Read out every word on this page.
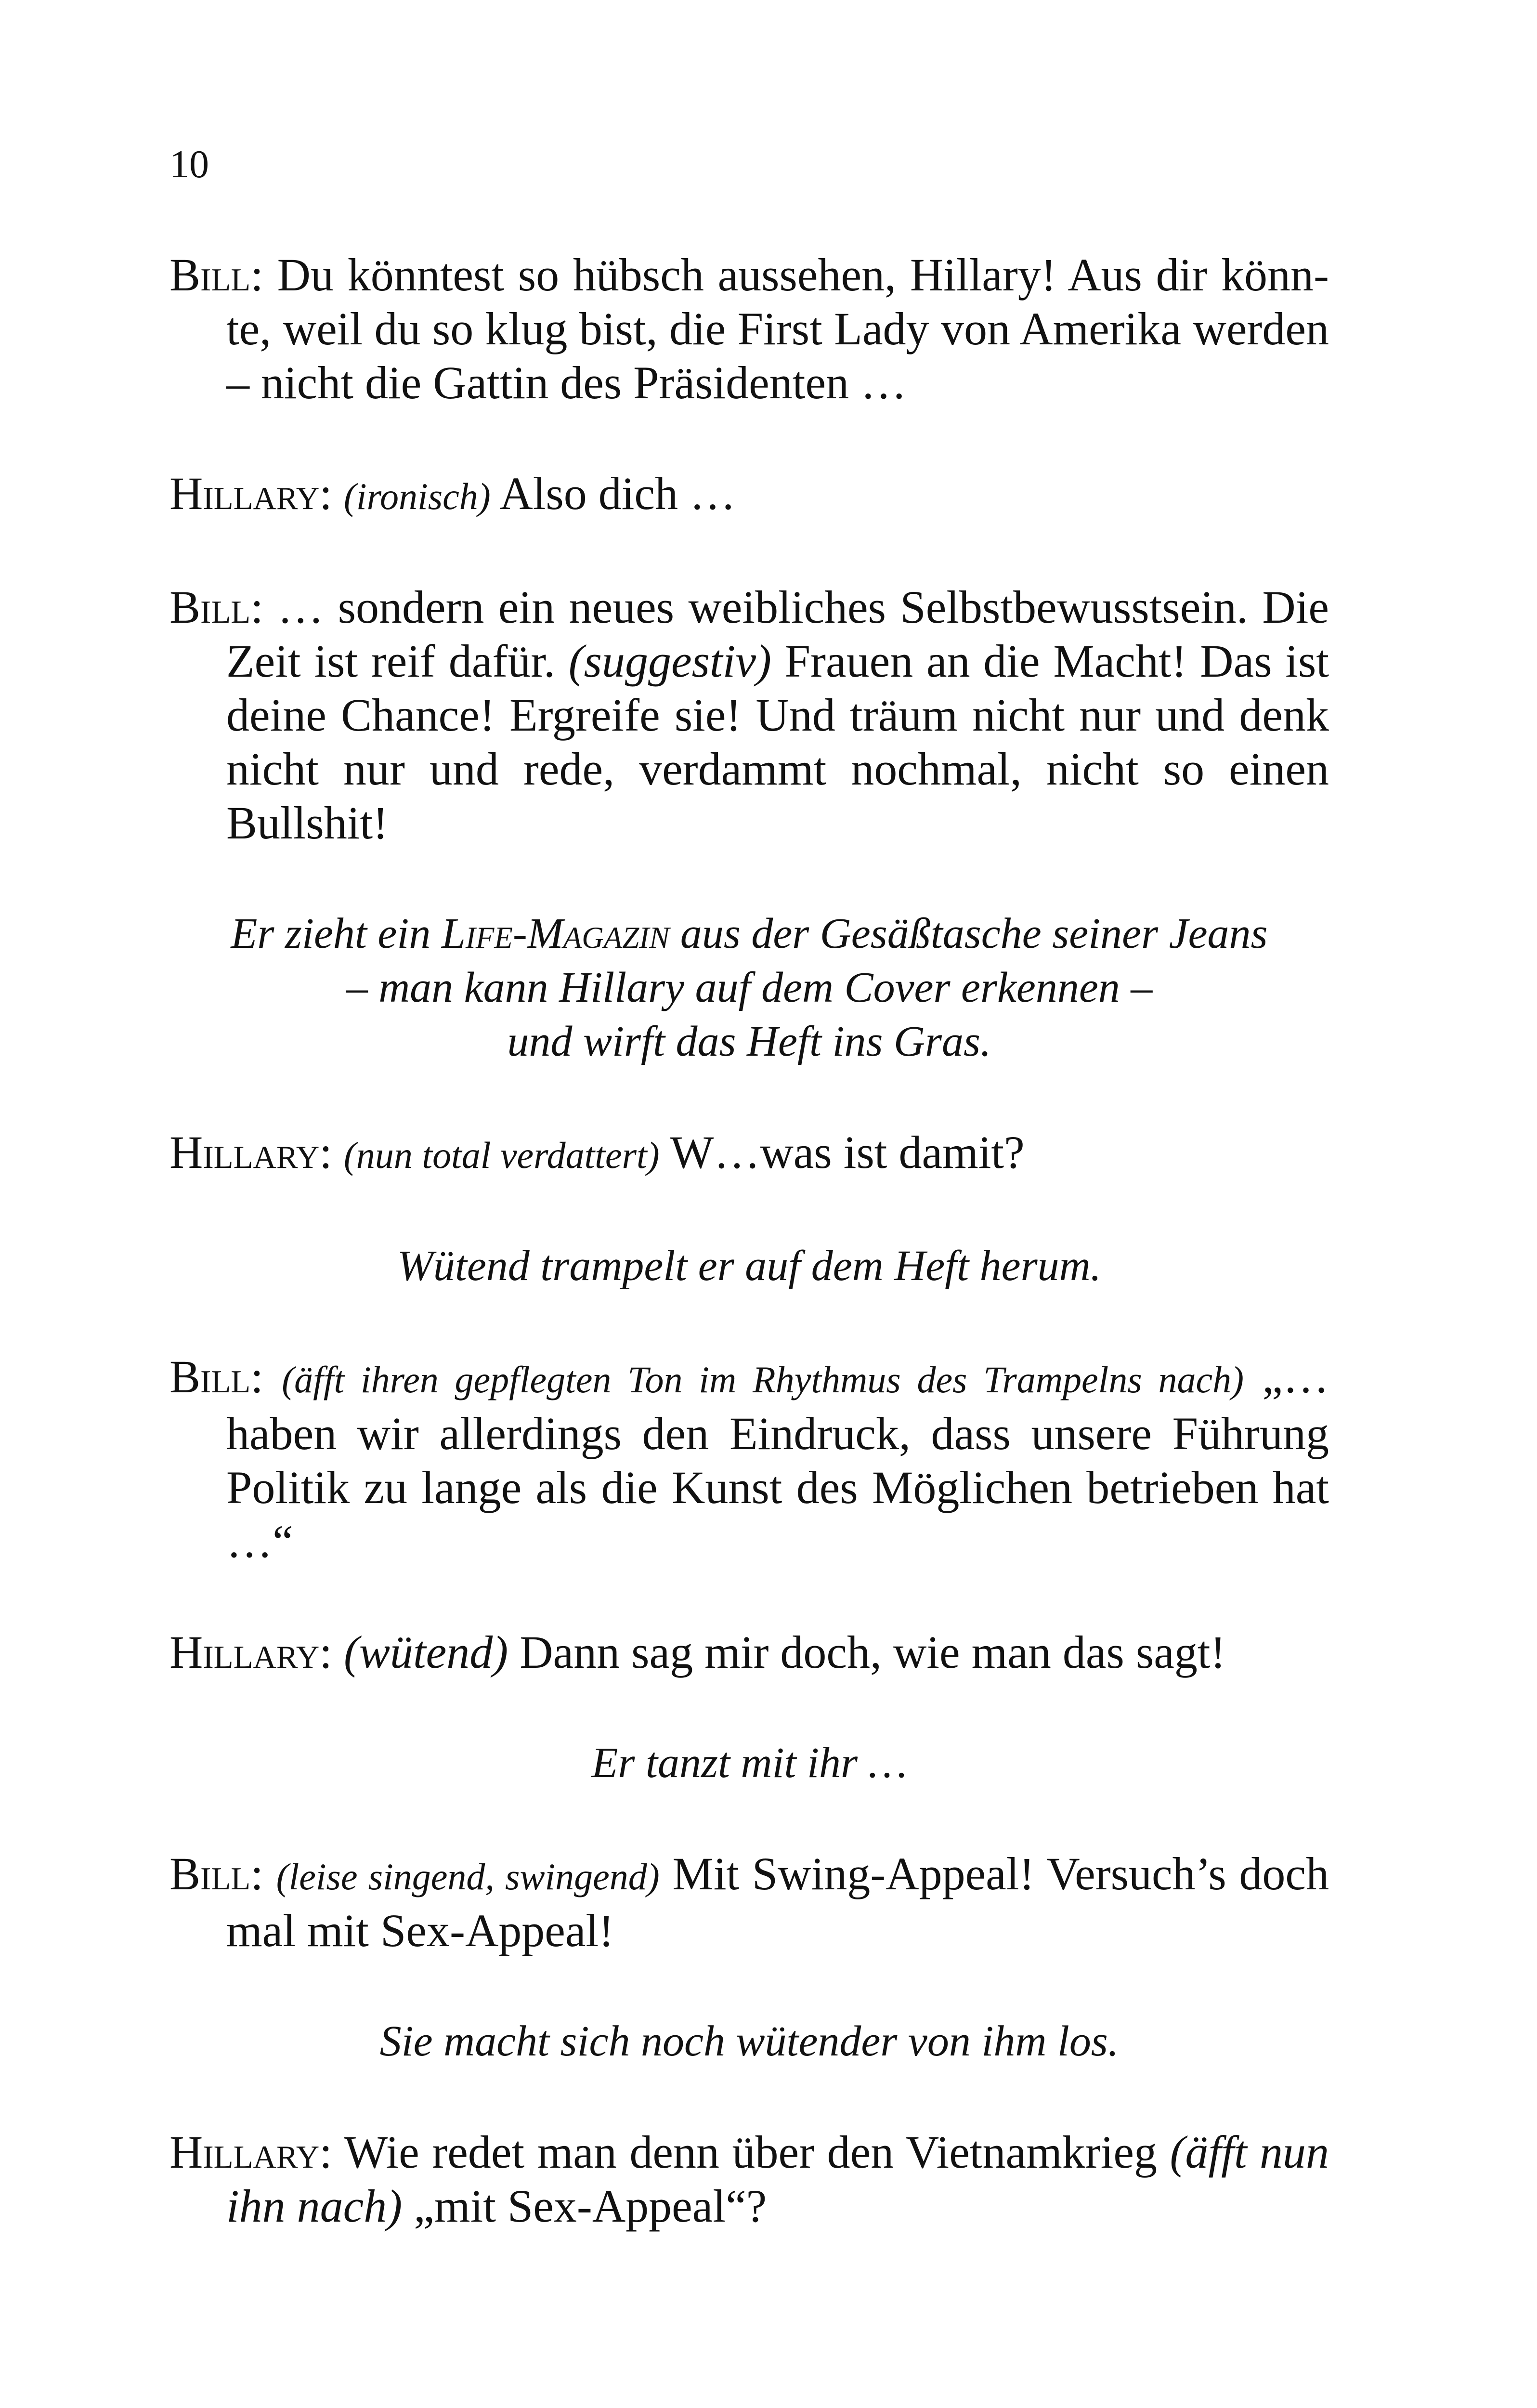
10

Bill: Du könntest so hübsch aussehen, Hillary! Aus dir könn-te, weil du so klug bist, die First Lady von Amerika werden – nicht die Gattin des Präsidenten …

Hillary: (ironisch) Also dich …

Bill: … sondern ein neues weibliches Selbstbewusstsein. Die Zeit ist reif dafür. (suggestiv) Frauen an die Macht! Das ist deine Chance! Ergreife sie! Und träum nicht nur und denk nicht nur und rede, verdammt nochmal, nicht so einen Bullshit!

Er zieht ein Life-Magazin aus der Gesäßtasche seiner Jeans
– man kann Hillary auf dem Cover erkennen –
und wirft das Heft ins Gras.

Hillary: (nun total verdattert) W…was ist damit?

Wütend trampelt er auf dem Heft herum.

Bill: (äfft ihren gepflegten Ton im Rhythmus des Trampelns nach) „… haben wir allerdings den Eindruck, dass unsere Führung Politik zu lange als die Kunst des Möglichen betrieben hat …“

Hillary: (wütend) Dann sag mir doch, wie man das sagt!

Er tanzt mit ihr …

Bill: (leise singend, swingend) Mit Swing-Appeal! Versuch’s doch mal mit Sex-Appeal!

Sie macht sich noch wütender von ihm los.

Hillary: Wie redet man denn über den Vietnamkrieg (äfft nun ihn nach) „mit Sex-Appeal“?
